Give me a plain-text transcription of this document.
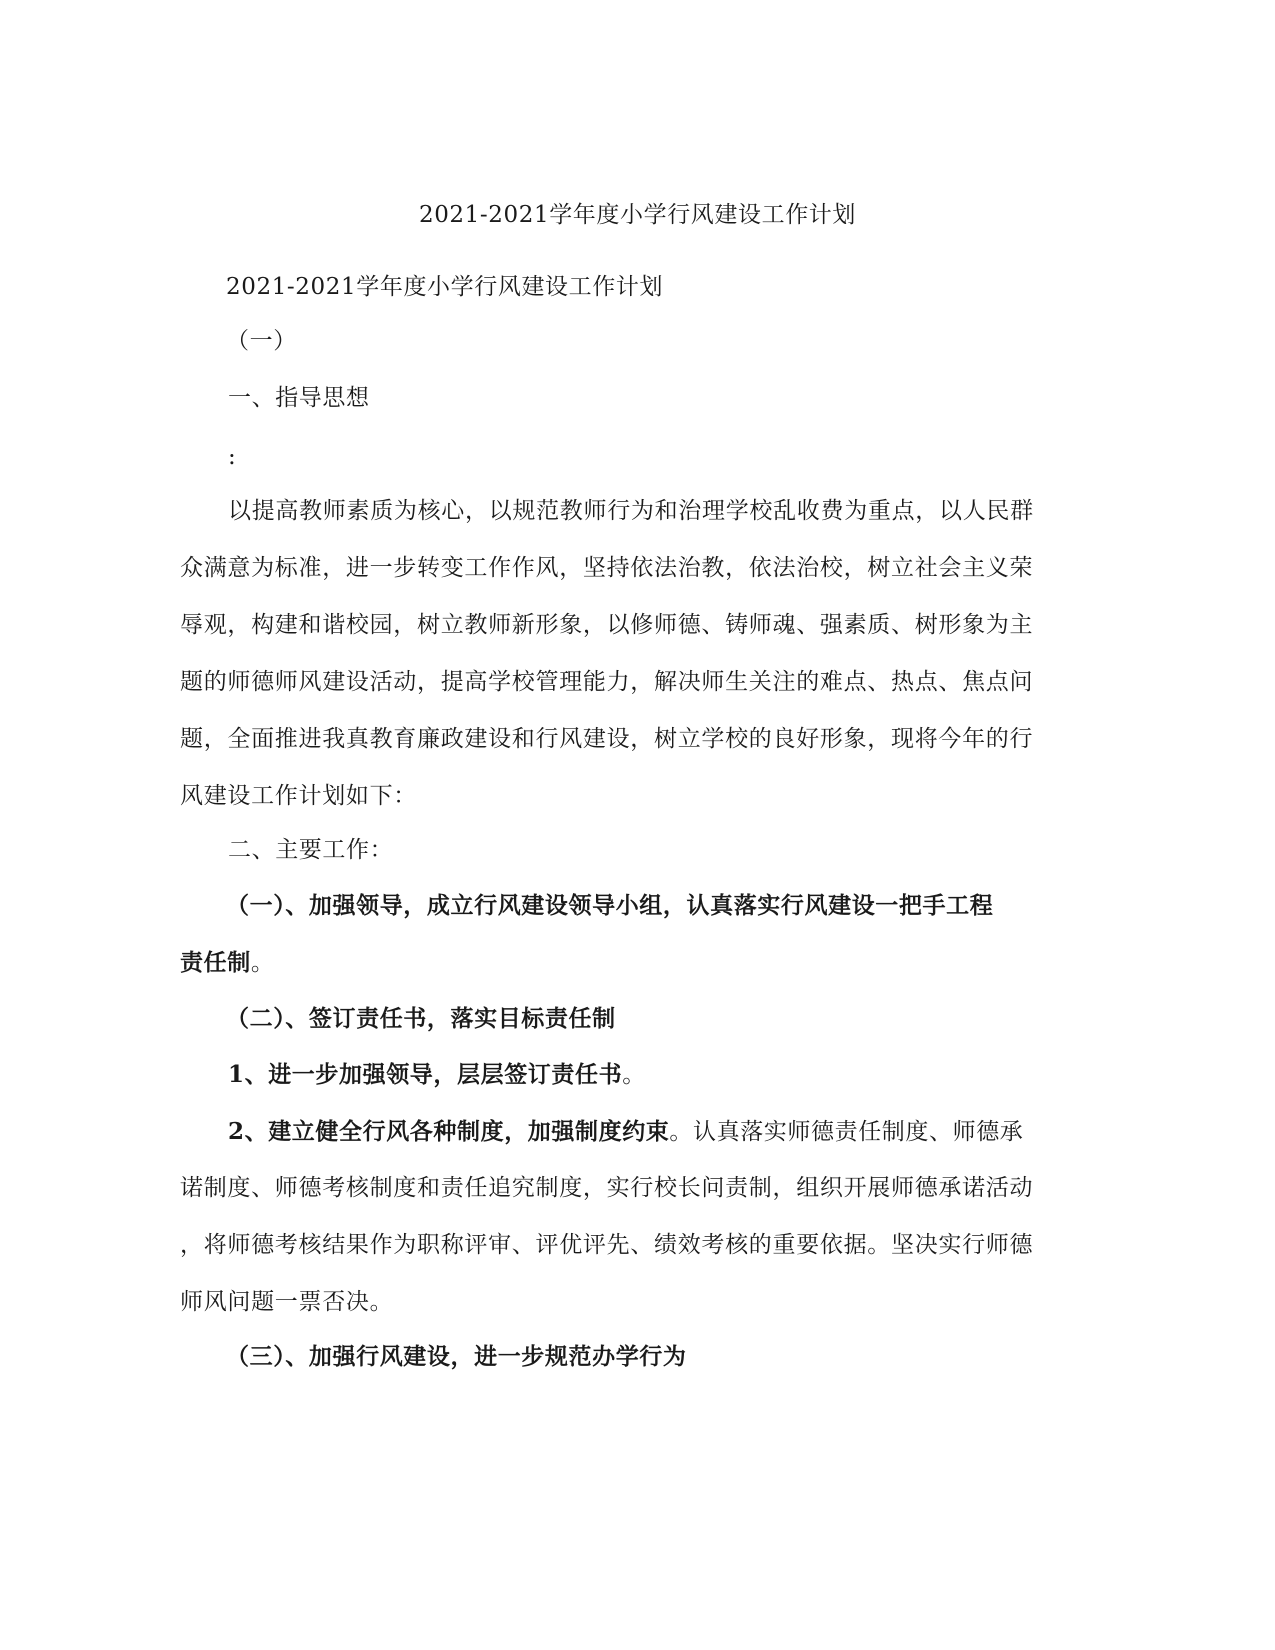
2021-2021学年度小学行风建设工作计划
2021-2021学年度小学行风建设工作计划
（一）
一、指导思想
:
以提高教师素质为核心，以规范教师行为和治理学校乱收费为重点，以人民群
众满意为标准，进一步转变工作作风，坚持依法治教，依法治校，树立社会主义荣
辱观，构建和谐校园，树立教师新形象，以修师德、铸师魂、强素质、树形象为主
题的师德师风建设活动，提高学校管理能力，解决师生关注的难点、热点、焦点问
题，全面推进我真教育廉政建设和行风建设，树立学校的良好形象，现将今年的行
风建设工作计划如下：
二、主要工作：
（一）、加强领导，成立行风建设领导小组，认真落实行风建设一把手工程
责任制。
（二）、签订责任书，落实目标责任制
1、进一步加强领导，层层签订责任书。
2、建立健全行风各种制度，加强制度约束。认真落实师德责任制度、师德承
诺制度、师德考核制度和责任追究制度，实行校长问责制，组织开展师德承诺活动
，将师德考核结果作为职称评审、评优评先、绩效考核的重要依据。坚决实行师德
师风问题一票否决。
（三）、加强行风建设，进一步规范办学行为
